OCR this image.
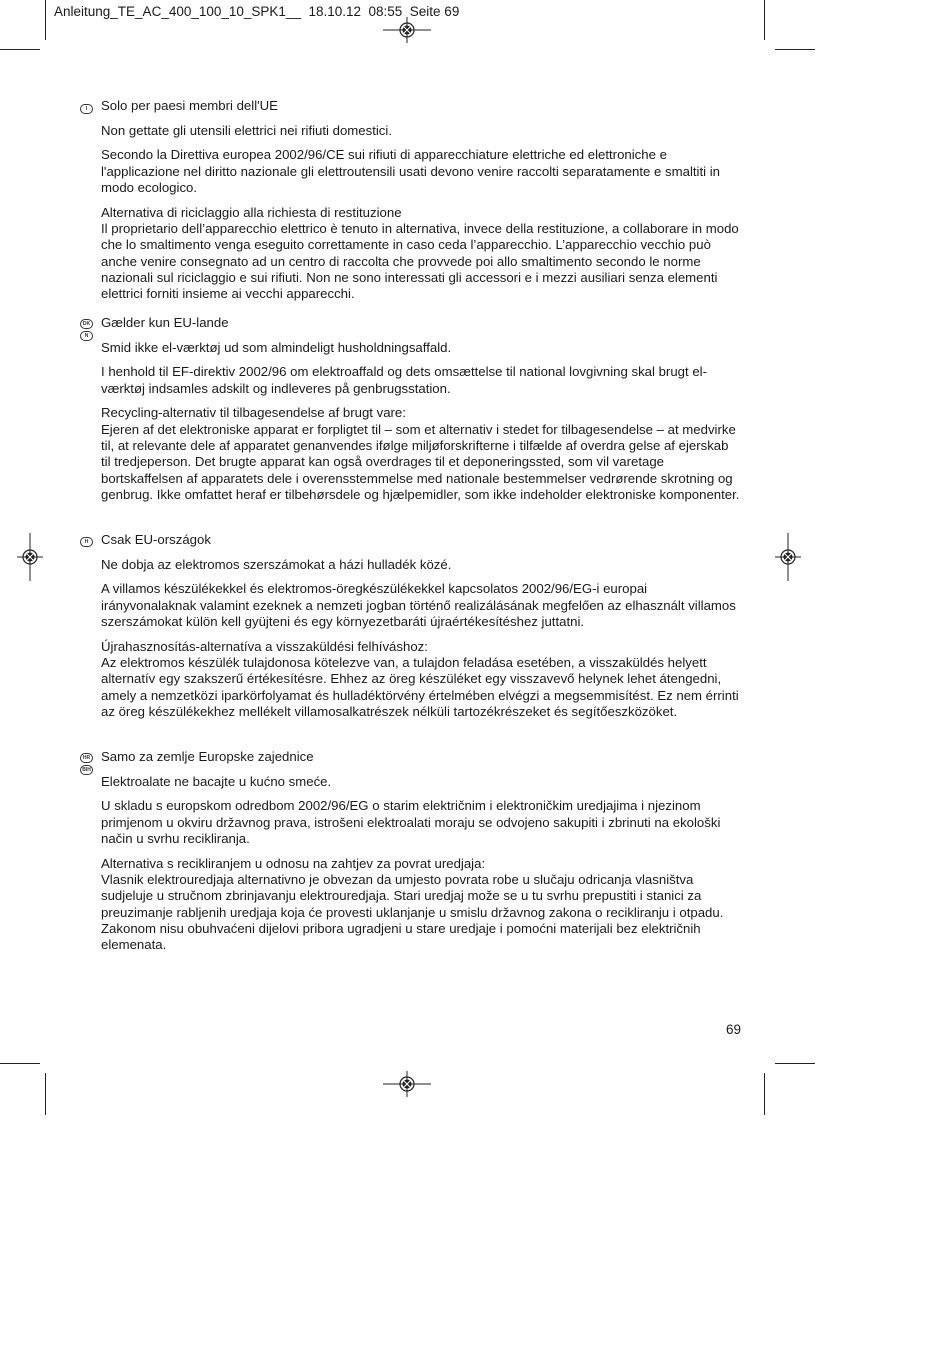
Anleitung_TE_AC_400_100_10_SPK1__  18.10.12  08:55  Seite 69
I	Solo per paesi membri dell'UE

Non gettate gli utensili elettrici nei rifiuti domestici.

Secondo la Direttiva europea 2002/96/CE sui rifiuti di apparecchiature elettriche ed elettroniche e l'applicazione nel diritto nazionale gli elettroutensili usati devono venire raccolti separatamente e smaltiti in modo ecologico.

Alternativa di riciclaggio alla richiesta di restituzione
Il proprietario dell’apparecchio elettrico è tenuto in alternativa, invece della restituzione, a collaborare in modo che lo smaltimento venga eseguito correttamente in caso ceda l’apparecchio. L’apparecchio vecchio può anche venire consegnato ad un centro di raccolta che provvede poi allo smaltimento secondo le norme nazionali sul riciclaggio e sui rifiuti. Non ne sono interessati gli accessori e i mezzi ausiliari senza elementi elettrici forniti insieme ai vecchi apparecchi.

DK
N

Gælder kun EU-lande

Smid ikke el-værktøj ud som almindeligt husholdningsaffald.

I henhold til EF-direktiv 2002/96 om elektroaffald og dets omsættelse til national lovgivning skal brugt el-værktøj indsamles adskilt og indleveres på genbrugsstation.

Recycling-alternativ til tilbagesendelse af brugt vare:
Ejeren af det elektroniske apparat er forpligtet til – som et alternativ i stedet for tilbagesendelse – at medvirke til, at relevante dele af apparatet genanvendes ifølge miljøforskrifterne i tilfælde af overdra gelse af ejerskab til tredjeperson. Det brugte apparat kan også overdrages til et deponeringssted, som vil varetage bortskaffelsen af apparatets dele i overensstemmelse med nationale bestemmelser vedrørende skrotning og genbrug. Ikke omfattet heraf er tilbehørsdele og hjælpemidler, som ikke indeholder elektroniske komponenter.

H Csak EU-országok

Ne dobja az elektromos szerszámokat a házi hulladék közé.

A villamos készülékekkel és elektromos-öregkészülékekkel kapcsolatos 2002/96/EG-i europai irányvonalaknak valamint ezeknek a nemzeti jogban történő realizálásának megfelően az elhasznált villamos szerszámokat külön kell gyüjteni és egy környezetbaráti újraértékesítéshez juttatni.

Újrahasznosítás-alternatíva a visszaküldési felhíváshoz:
Az elektromos készülék tulajdonosa kötelezve van, a tulajdon feladása esetében, a visszaküldés helyett alternatív egy szakszerű értékesítésre. Ehhez az öreg készüléket egy visszavevő helynek lehet átengedni, amely a nemzetközi iparkörfolyamat és hulladéktörvény értelmében elvégzi a megsemmisítést. Ez nem érrinti az öreg készülékekhez mellékelt villamosalkatrészek nélküli tartozékrészeket és segítőeszközöket.

HR
BIH

Samo za zemlje Europske zajednice

Elektroalate ne bacajte u kućno smeće.

U skladu s europskom odredbom 2002/96/EG o starim električnim i elektroničkim uredjajima i njezinom primjenom u okviru državnog prava, istrošeni elektroalati moraju se odvojeno sakupiti i zbrinuti na ekološki način u svrhu recikliranja.

Alternativa s recikliranjem u odnosu na zahtjev za povrat uredjaja:
Vlasnik elektrouredjaja alternativno je obvezan da umjesto povrata robe u slučaju odricanja vlasništva sudjeluje u stručnom zbrinjavanju elektrouredjaja. Stari uredjaj može se u tu svrhu prepustiti i stanici za preuzimanje rabljenih uredjaja koja će provesti uklanjanje u smislu državnog zakona o recikliranju i otpadu. Zakonom nisu obuhvaćeni dijelovi pribora ugradjeni u stare uredjaje i pomoćni materijali bez električnih elemenata.

69
